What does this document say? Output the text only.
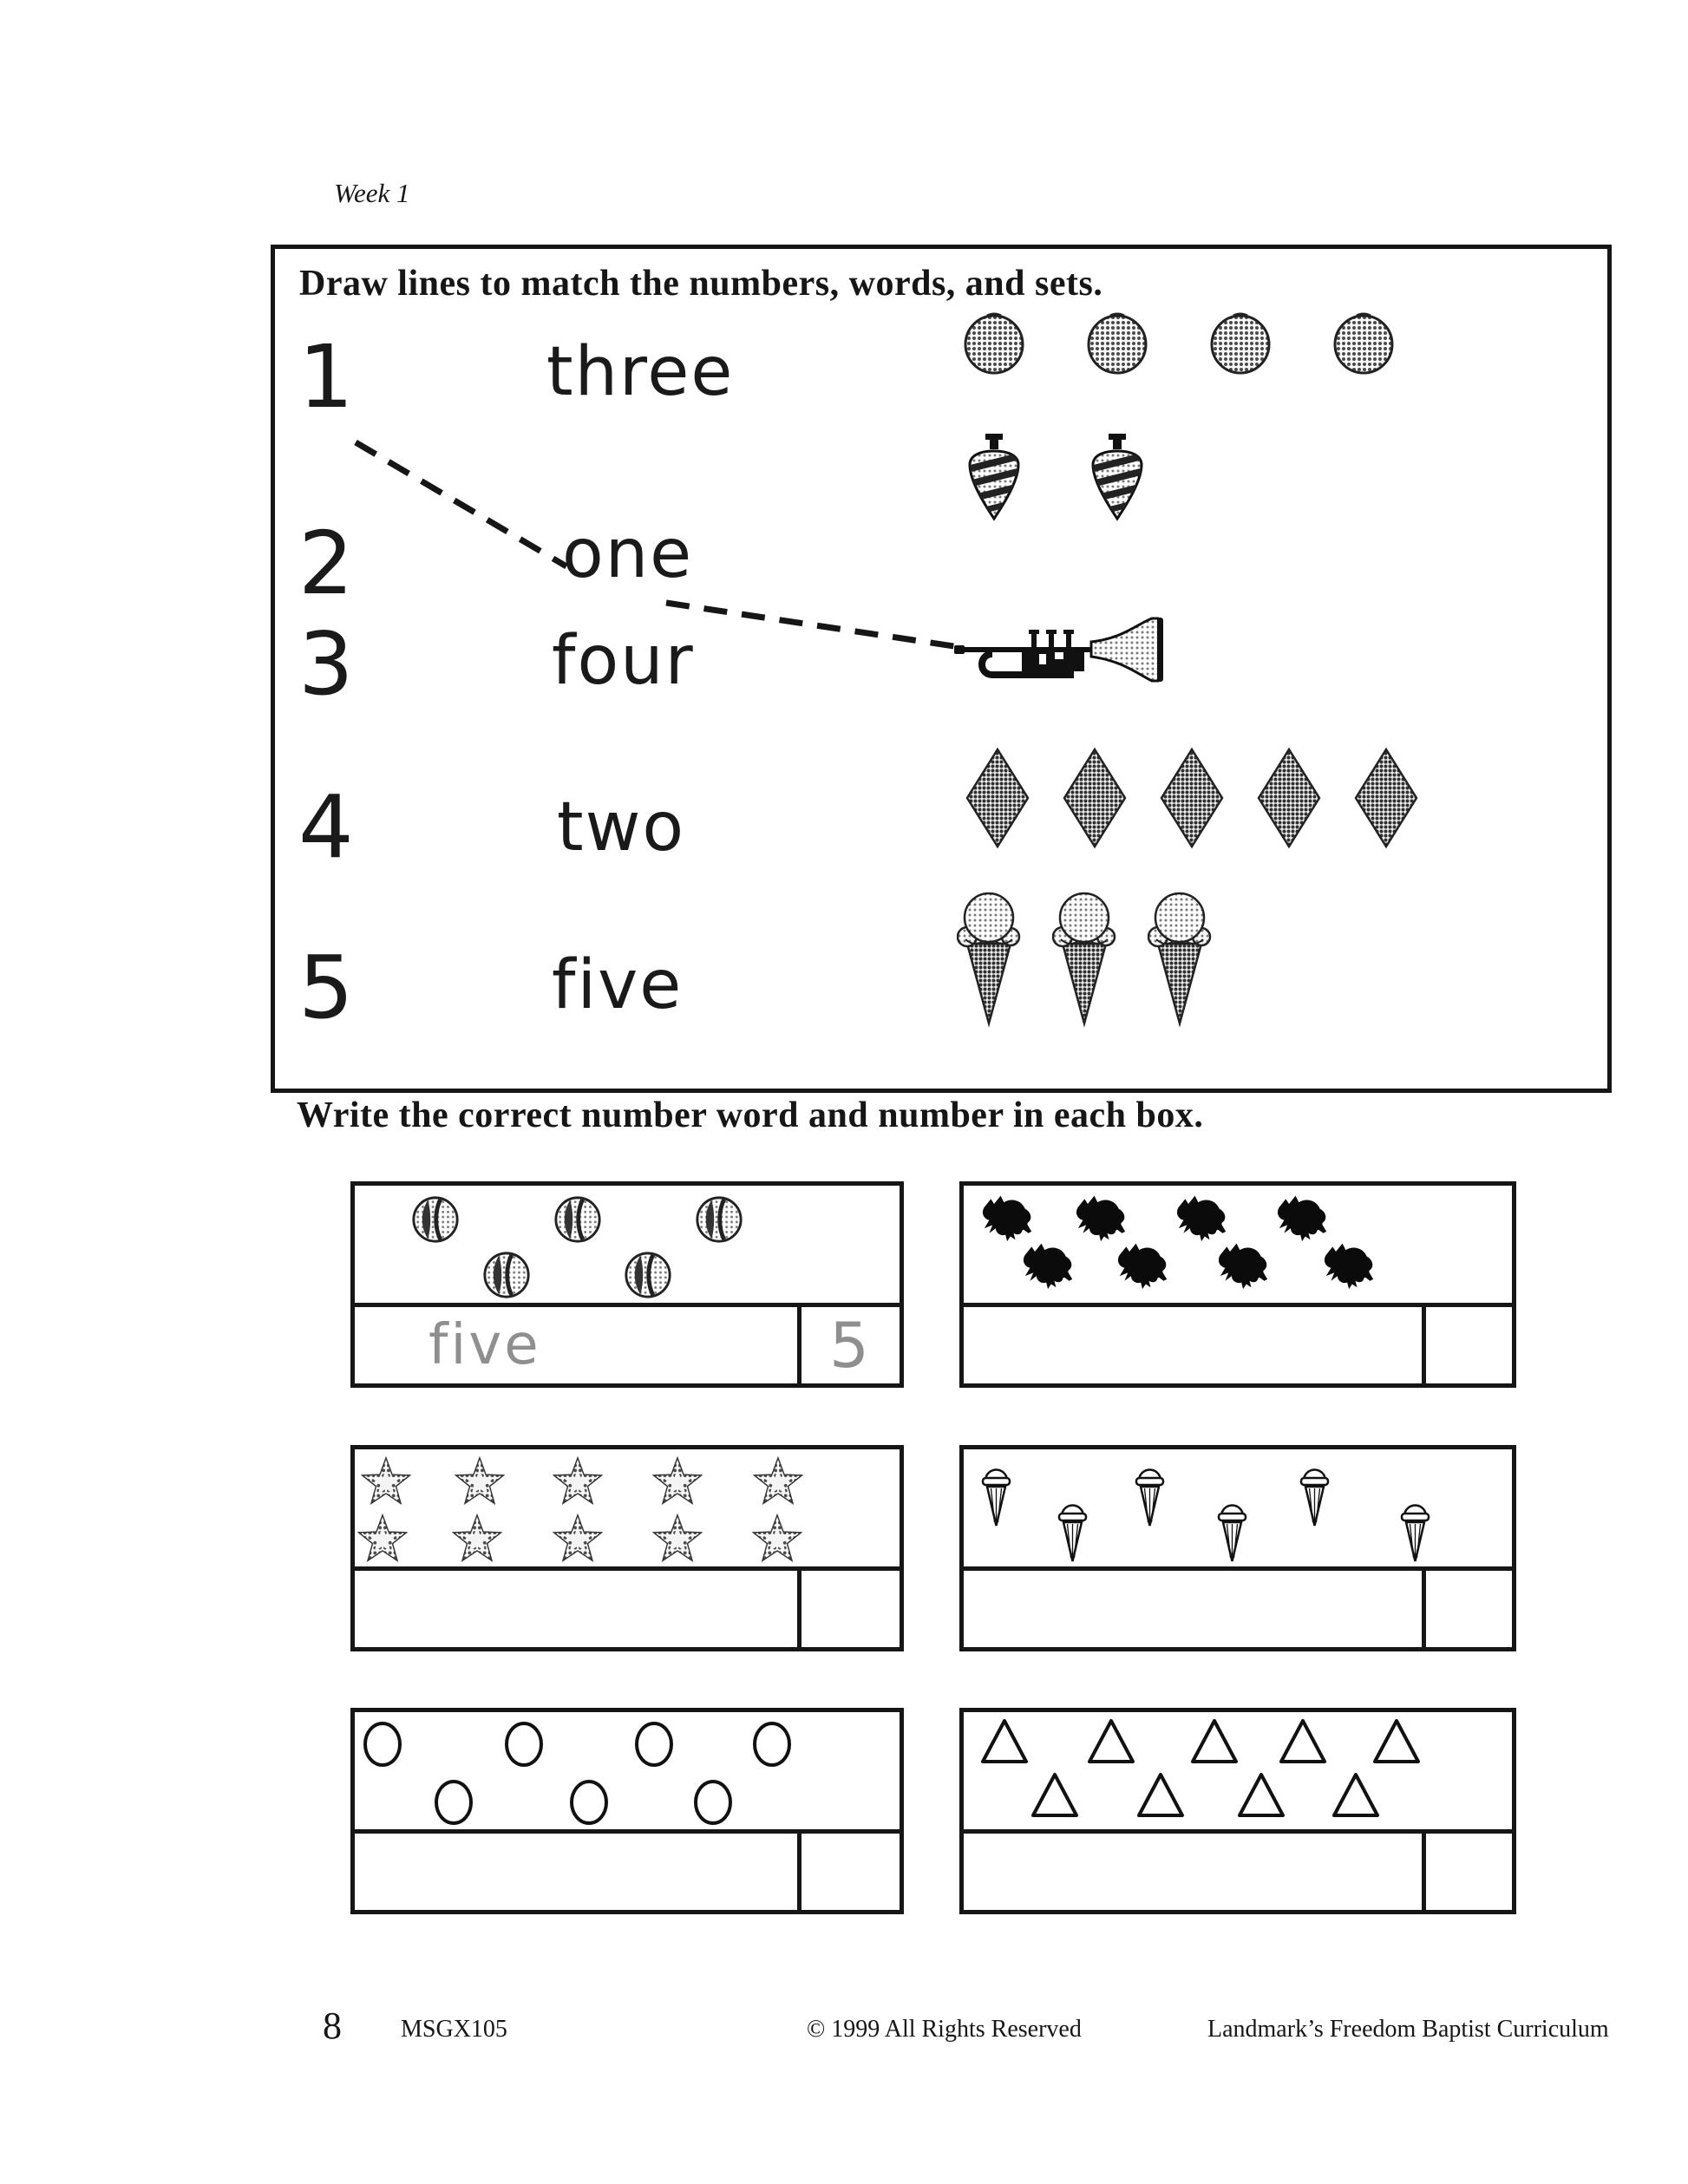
Week 1
Draw lines to match the numbers, words, and sets.
1
2
3
4
5
three
one
four
two
five
Write the correct number word and number in each box.
five	5
8 MSGX105	© 1999 All Rights Reserved	Landmark’s Freedom Baptist Curriculum
